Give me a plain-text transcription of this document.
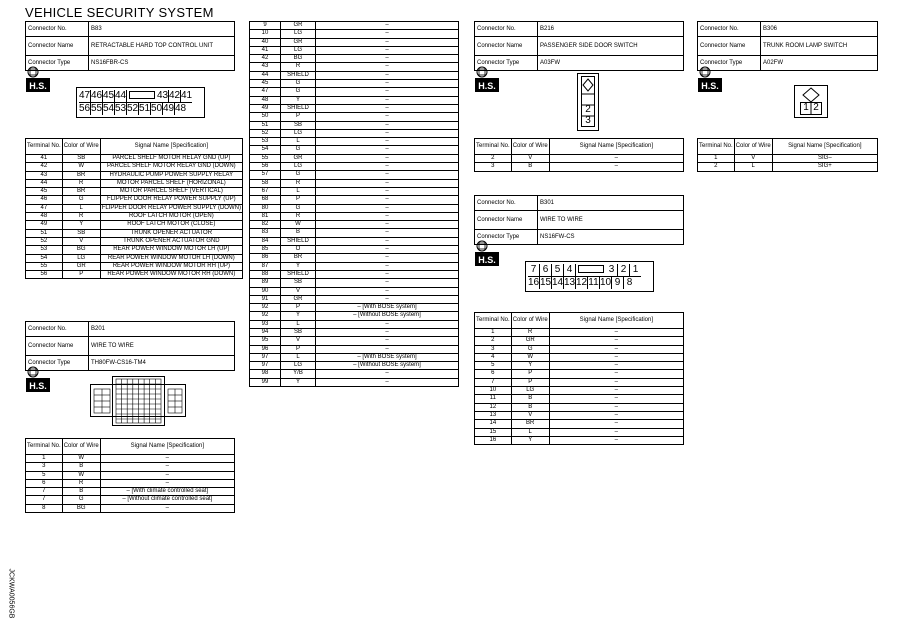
VEHICLE SECURITY SYSTEM
JCKWA0056GB
Connector No.	B83
Connector Name	RETRACTABLE HARD TOP CONTROL UNIT
Connector Type	NS16FBR-CS
H.S.
47 46 45 44	43 42 41
56 55 54 53 52 51 50 49 48
Terminal No.	Color of Wire	Signal Name [Specification]
41	SB	PARCEL SHELF MOTOR RELAY GND (UP)
42	W	PARCEL SHELF MOTOR RELAY GND (DOWN)
43	BR	HYDRAULIC PUMP POWER SUPPLY RELAY
44	R	MOTOR PARCEL SHELF (HORIZONAL)
45	BR	MOTOR PARCEL SHELF (VERTICAL)
46	G	FLIPPER DOOR RELAY POWER SUPPLY (UP)
47	L	FLIPPER DOOR RELAY POWER SUPPLY (DOWN)
48	R	ROOF LATCH MOTOR (OPEN)
49	Y	ROOF LATCH MOTOR (CLOSE)
51	SB	TRUNK OPENER ACTUATOR
52	V	TRUNK OPENER ACTUATOR GND
53	BG	REAR POWER WINDOW MOTOR LH (UP)
54	LG	REAR POWER WINDOW MOTOR LH (DOWN)
55	GR	REAR POWER WINDOW MOTOR RH (UP)
56	P	REAR POWER WINDOW MOTOR RH (DOWN)
Connector No.	B201
Connector Name	WIRE TO WIRE
Connector Type	TH80FW-CS16-TM4
H.S.
Terminal No.	Color of Wire	Signal Name [Specification]
1	W	–
3	B	–
5	W	–
6	R	–
7	B	– [With climate controlled seat]
7	G	– [Without climate controlled seat]
8	BG	–
9	GR	–
10	LG	–
40	GR	–
41	LG	–
42	BG	–
43	R	–
44	SHIELD	–
45	G	–
47	G	–
48	Y	–
49	SHIELD	–
50	P	–
51	SB	–
52	LG	–
53	L	–
54	G	–
55	GR	–
56	LG	–
57	G	–
58	R	–
67	L	–
68	P	–
80	G	–
81	R	–
82	W	–
83	B	–
84	SHIELD	–
85	O	–
86	BR	–
87	Y	–
88	SHIELD	–
89	SB	–
90	V	–
91	GR	–
92	P	– [With BOSE system]
92	Y	– [Without BOSE system]
93	L	–
94	SB	–
95	V	–
96	P	–
97	L	– [With BOSE system]
97	LG	– [Without BOSE system]
98	Y/B	–
99	Y	–
Connector No.	B216
Connector Name	PASSENGER SIDE DOOR SWITCH
Connector Type	A03FW
H.S.
2
3
Terminal No.	Color of Wire	Signal Name [Specification]
2	V	–
3	B	–
Connector No.	B306
Connector Name	TRUNK ROOM LAMP SWITCH
Connector Type	A02FW
H.S.
1 2
Terminal No.	Color of Wire	Signal Name [Specification]
1	V	SIG–
2	L	SIG+
Connector No.	B301
Connector Name	WIRE TO WIRE
Connector Type	NS16FW-CS
H.S.
7 6 5 4	3 2 1
16 15 14 13 12 11 10 9 8
Terminal No.	Color of Wire	Signal Name [Specification]
1	R	–
2	GR	–
3	G	–
4	W	–
5	Y	–
6	P	–
7	P	–
10	LG	–
11	B	–
12	B	–
13	V	–
14	BR	–
15	L	–
16	Y	–
